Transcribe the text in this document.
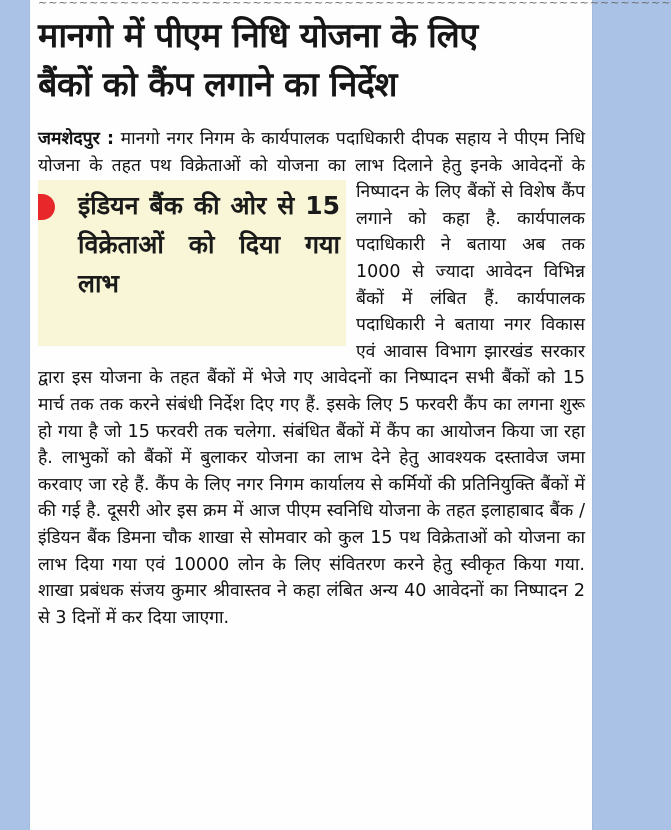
~~~~~~~~~~~~~~~~~~~~~~~~~~~~~~~~~~~~~~~~~~~~~~~~~~~~~~~~~~~~~~
मानगो में पीएम निधि योजना के लिए
बैंकों को कैंप लगाने का निर्देश

इंडियन बैंक की ओर से 15 विक्रेताओं को दिया गया लाभ

जमशेदपुर : मानगो नगर निगम के कार्यपालक पदाधिकारी दीपक सहाय ने पीएम निधि योजना के तहत पथ विक्रेताओं को योजना का लाभ दिलाने हेतु इनके आवेदनों के निष्पादन के लिए बैंकों से विशेष कैंप लगाने को कहा है. कार्यपालक पदाधिकारी ने बताया अब तक 1000 से ज्यादा आवेदन विभिन्न बैंकों में लंबित हैं. कार्यपालक पदाधिकारी ने बताया नगर विकास एवं आवास विभाग झारखंड सरकार द्वारा इस योजना के तहत बैंकों में भेजे गए आवेदनों का निष्पादन सभी बैंकों को 15 मार्च तक तक करने संबंधी निर्देश दिए गए हैं. इसके लिए 5 फरवरी कैंप का लगना शुरू हो गया है जो 15 फरवरी तक चलेगा. संबंधित बैंकों में कैंप का आयोजन किया जा रहा है. लाभुकों को बैंकों में बुलाकर योजना का लाभ देने हेतु आवश्यक दस्तावेज जमा करवाए जा रहे हैं. कैंप के लिए नगर निगम कार्यालय से कर्मियों की प्रतिनियुक्ति बैंकों में की गई है. दूसरी ओर इस क्रम में आज पीएम स्वनिधि योजना के तहत इलाहाबाद बैंक /इंडियन बैंक डिमना चौक शाखा से सोमवार को कुल 15 पथ विक्रेताओं को योजना का लाभ दिया गया एवं 10000 लोन के लिए संवितरण करने हेतु स्वीकृत किया गया. शाखा प्रबंधक संजय कुमार श्रीवास्तव ने कहा लंबित अन्य 40 आवेदनों का निष्पादन 2 से 3 दिनों में कर दिया जाएगा.
